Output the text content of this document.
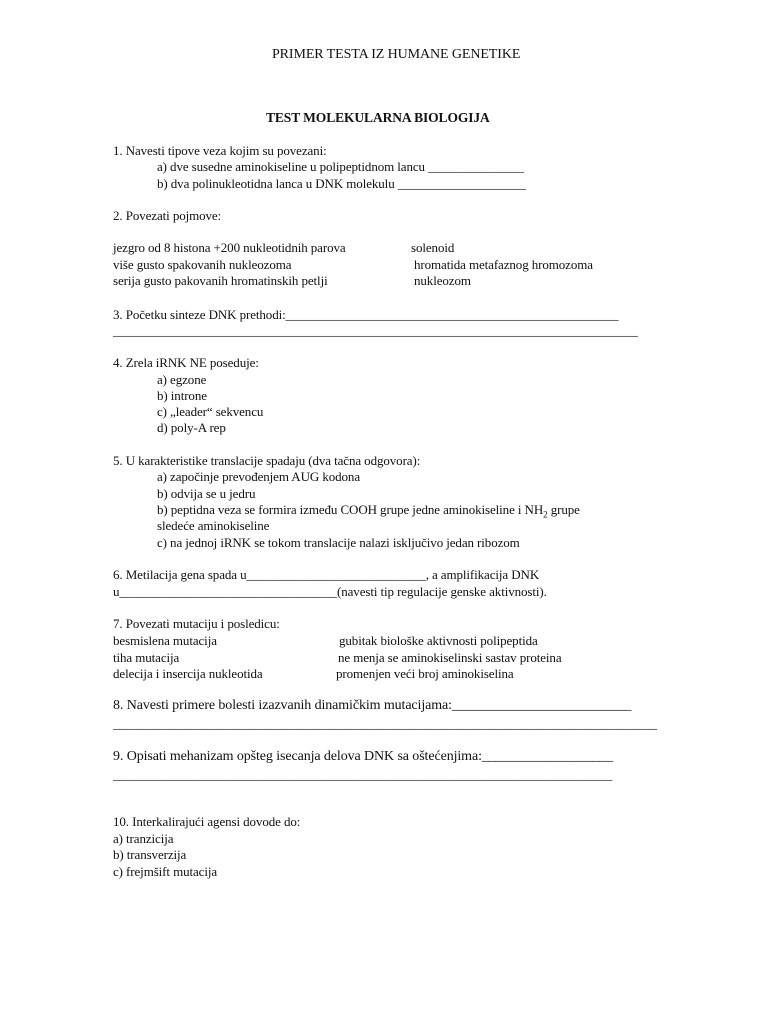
PRIMER TESTA IZ HUMANE GENETIKE
TEST MOLEKULARNA BIOLOGIJA
1. Navesti tipove veza kojim su povezani:
a) dve susedne aminokiseline u polipeptidnom lancu _______________
b) dva polinukleotidna lanca u DNK molekulu ____________________
2. Povezati pojmove:
jezgro od 8 histona +200 nukleotidnih parova	solenoid
više gusto spakovanih nukleozoma	hromatida metafaznog hromozoma
serija gusto pakovanih hromatinskih petlji	nukleozom
3. Početku sinteze DNK prethodi:____________________________________________________
__________________________________________________________________________________
4. Zrela iRNK NE poseduje:
a) egzone
b) introne
c) „leader“ sekvencu
d) poly-A rep
5. U karakteristike translacije spadaju (dva tačna odgovora):
a) započinje prevođenjem AUG kodona
b) odvija se u jedru
b) peptidna veza se formira između COOH grupe jedne aminokiseline i $NH_2$ grupe
sledeće aminokiseline
c) na jednoj iRNK se tokom translacije nalazi isključivo jedan ribozom
6. Metilacija gena spada u____________________________, a amplifikacija DNK
u__________________________________(navesti tip regulacije genske aktivnosti).
7. Povezati mutaciju i posledicu:
besmislena mutacija	gubitak biološke aktivnosti polipeptida
tiha mutacija	ne menja se aminokiselinski sastav proteina
delecija i insercija nukleotida	promenjen veći broj aminokiselina
8. Navesti primere bolesti izazvanih dinamičkim mutacijama:__________________________
_____________________________________________________________________________________
9. Opisati mehanizam opšteg isecanja delova DNK sa oštećenjima:___________________
______________________________________________________________________________
10. Interkalirajući agensi dovode do:
a) tranzicija
b) transverzija
c) frejmšift mutacija
